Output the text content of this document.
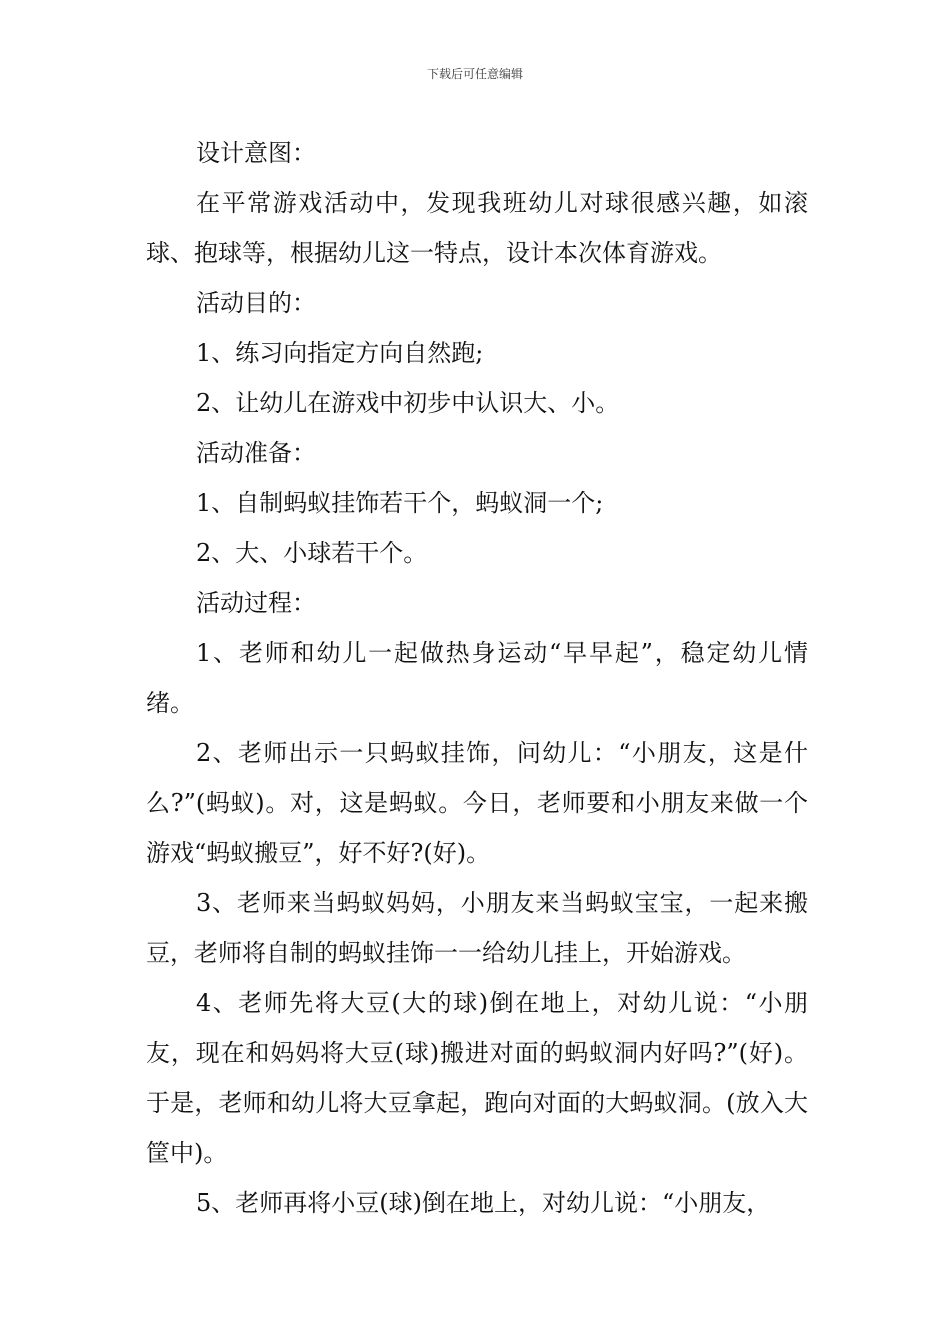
下载后可任意编辑

设计意图：

在平常游戏活动中，发现我班幼儿对球很感兴趣，如滚球、抱球等，根据幼儿这一特点，设计本次体育游戏。

活动目的：

1、练习向指定方向自然跑;

2、让幼儿在游戏中初步中认识大、小。

活动准备：

1、自制蚂蚁挂饰若干个，蚂蚁洞一个;

2、大、小球若干个。

活动过程：

1、老师和幼儿一起做热身运动“早早起”，稳定幼儿情绪。

2、老师出示一只蚂蚁挂饰，问幼儿：“小朋友，这是什么?”(蚂蚁)。对，这是蚂蚁。今日，老师要和小朋友来做一个游戏“蚂蚁搬豆”，好不好?(好)。

3、老师来当蚂蚁妈妈，小朋友来当蚂蚁宝宝，一起来搬豆，老师将自制的蚂蚁挂饰一一给幼儿挂上，开始游戏。

4、老师先将大豆(大的球)倒在地上，对幼儿说：“小朋友，现在和妈妈将大豆(球)搬进对面的蚂蚁洞内好吗?”(好)。于是，老师和幼儿将大豆拿起，跑向对面的大蚂蚁洞。(放入大筐中)。

5、老师再将小豆(球)倒在地上，对幼儿说：“小朋友，
